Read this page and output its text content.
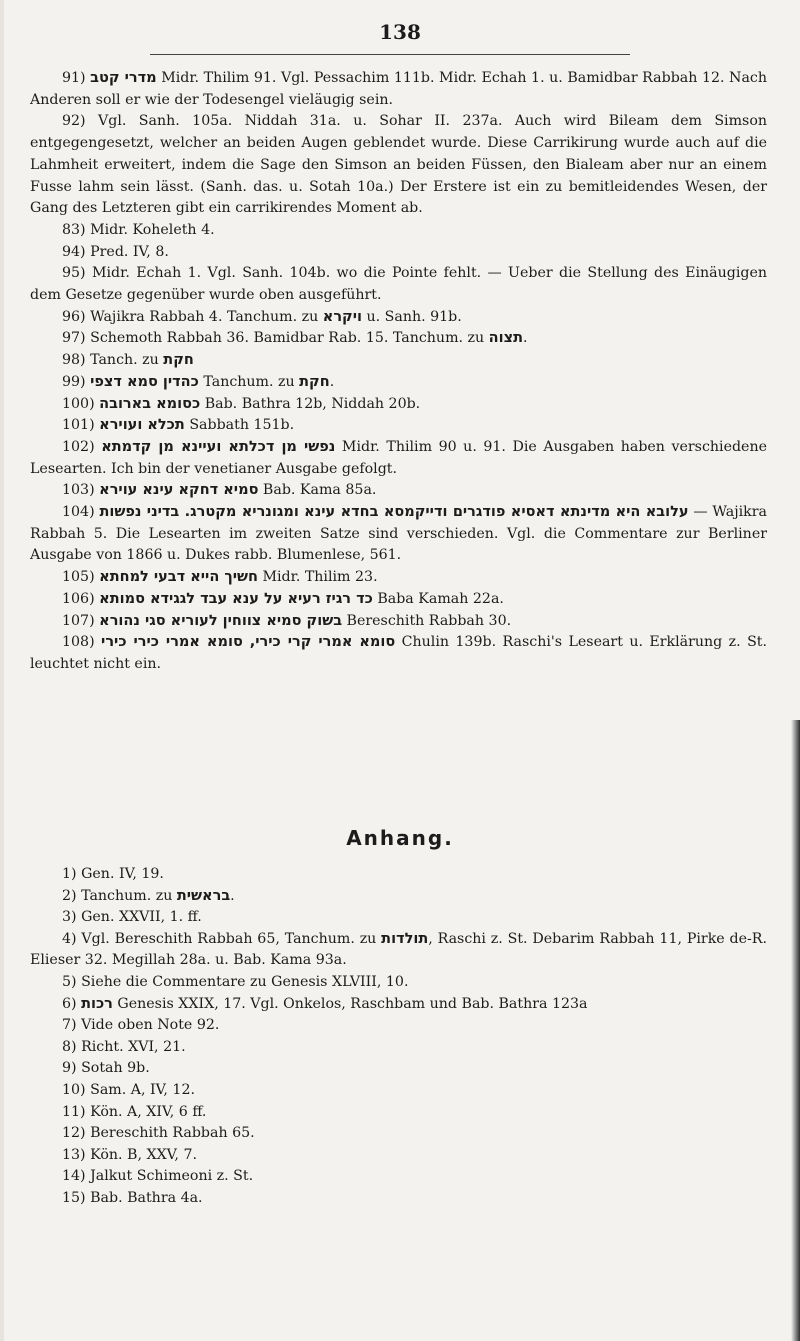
138

91) מדרי קטב Midr. Thilim 91. Vgl. Pessachim 111b. Midr. Echah 1. u. Bamidbar Rabbah 12. Nach Anderen soll er wie der Todesengel vieläugig sein.

92) Vgl. Sanh. 105a. Niddah 31a. u. Sohar II. 237a. Auch wird Bileam dem Simson entgegengesetzt, welcher an beiden Augen geblendet wurde. Diese Carrikirung wurde auch auf die Lahmheit erweitert, indem die Sage den Simson an beiden Füssen, den Bialeam aber nur an einem Fusse lahm sein lässt. (Sanh. das. u. Sotah 10a.) Der Erstere ist ein zu bemitleidendes Wesen, der Gang des Letzteren gibt ein carrikirendes Moment ab.

83) Midr. Koheleth 4.

94) Pred. IV, 8.

95) Midr. Echah 1. Vgl. Sanh. 104b. wo die Pointe fehlt. — Ueber die Stellung des Einäugigen dem Gesetze gegenüber wurde oben ausgeführt.

96) Wajikra Rabbah 4. Tanchum. zu ויקרא u. Sanh. 91b.

97) Schemoth Rabbah 36. Bamidbar Rab. 15. Tanchum. zu תצוה.

98) Tanch. zu חקת

99) כהדין סמא דצפי Tanchum. zu חקת.

100) כסומא בארובה Bab. Bathra 12b, Niddah 20b.

101) תכלא ועוירא Sabbath 151b.

102) נפשי מן דכלתא ועיינא מן קדמתא Midr. Thilim 90 u. 91. Die Ausgaben haben verschiedene Lesearten. Ich bin der venetianer Ausgabe gefolgt.

103) סמיא דחקא עינא עוירא Bab. Kama 85a.

104) עלובא היא מדינתא דאסיא פודגרים ודייקמסא בחדא עינא ומגונריא מקטרג. בדיני נפשות — Wajikra Rabbah 5. Die Lesearten im zweiten Satze sind verschieden. Vgl. die Commentare zur Berliner Ausgabe von 1866 u. Dukes rabb. Blumenlese, 561.

105) חשיך הייא דבעי למחתא Midr. Thilim 23.

106) כד רגיז רעיא על ענא עבד לגגידא סמותא Baba Kamah 22a.

107) בשוק סמיא צווחין לעוריא סגי נהורא Bereschith Rabbah 30.

108) סומא אמרי קרי כירי, סומא אמרי כירי כירי Chulin 139b. Raschi's Leseart u. Erklärung z. St. leuchtet nicht ein.

Anhang.

1) Gen. IV, 19.

2) Tanchum. zu בראשית.

3) Gen. XXVII, 1. ff.

4) Vgl. Bereschith Rabbah 65, Tanchum. zu תולדות, Raschi z. St. Debarim Rabbah 11, Pirke de-R. Elieser 32. Megillah 28a. u. Bab. Kama 93a.

5) Siehe die Commentare zu Genesis XLVIII, 10.

6) רכות Genesis XXIX, 17. Vgl. Onkelos, Raschbam und Bab. Bathra 123a

7) Vide oben Note 92.

8) Richt. XVI, 21.

9) Sotah 9b.

10) Sam. A, IV, 12.

11) Kön. A, XIV, 6 ff.

12) Bereschith Rabbah 65.

13) Kön. B, XXV, 7.

14) Jalkut Schimeoni z. St.

15) Bab. Bathra 4a.
